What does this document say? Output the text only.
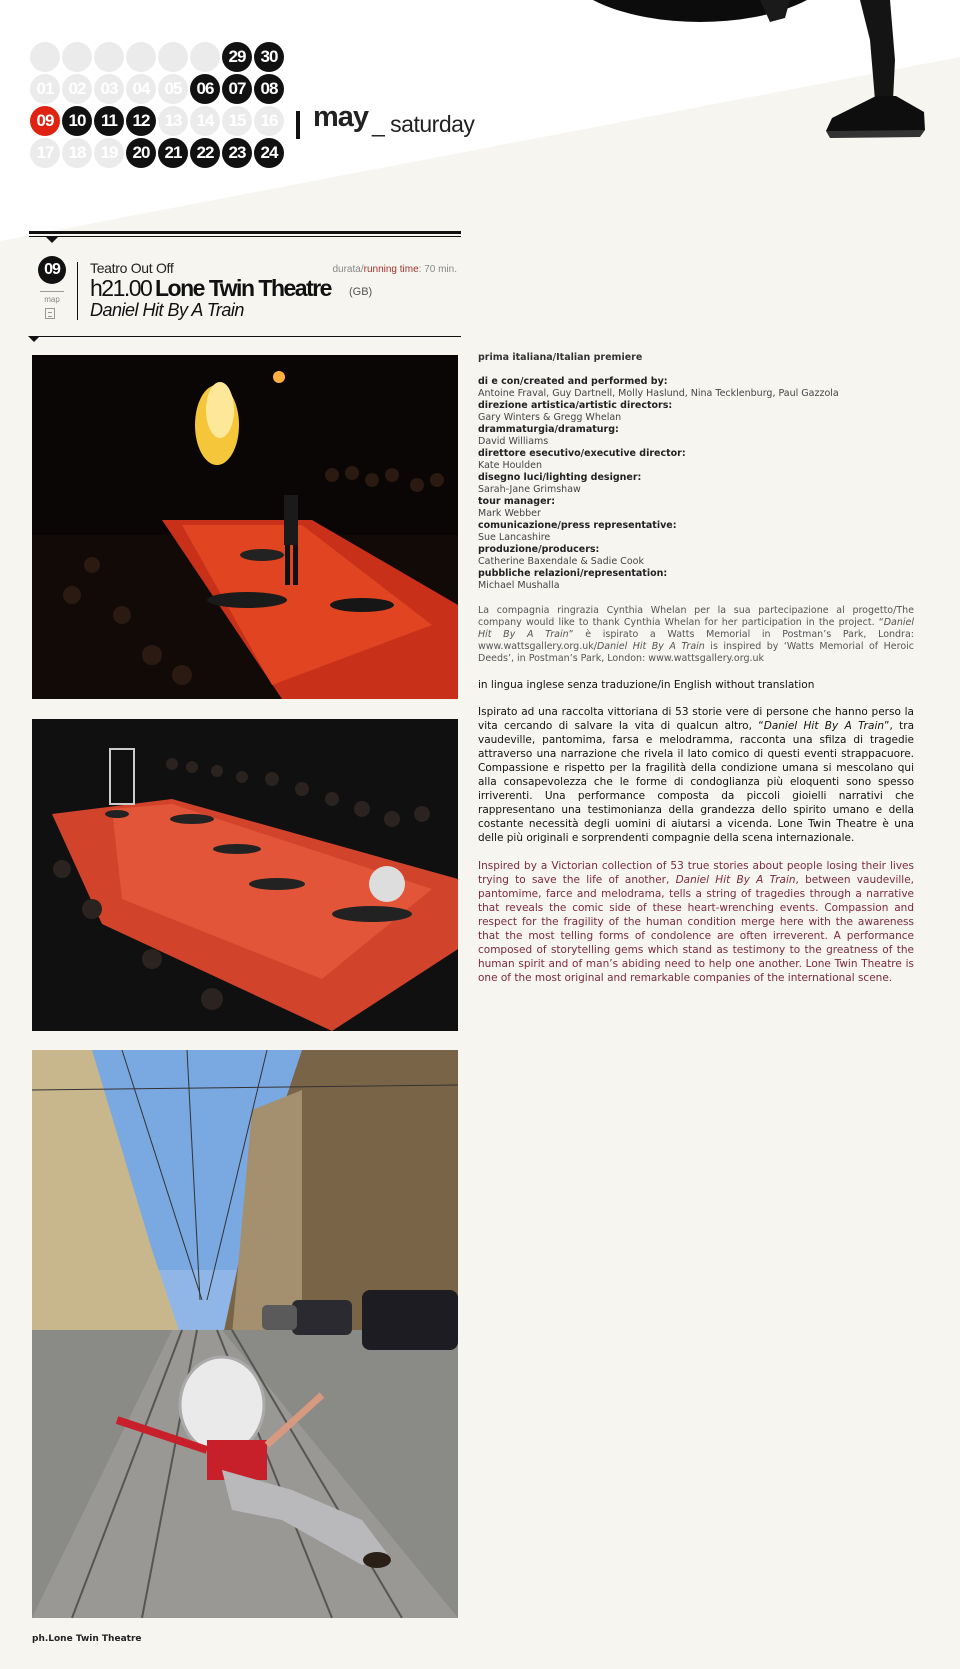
29 30
01 02 03 04 05 06 07 08
09 10 11 12 13 14 15 16
17 18 19 20 21 22 23 24
may _ saturday
09
map
Teatro Out Off	durata/running time: 70 min.
h21.00 Lone Twin Theatre (GB)
Daniel Hit By A Train
ph.Lone Twin Theatre
prima italiana/Italian premiere
di e con/created and performed by:
Antoine Fraval, Guy Dartnell, Molly Haslund, Nina Tecklenburg, Paul Gazzola
direzione artistica/artistic directors:
Gary Winters & Gregg Whelan
drammaturgia/dramaturg:
David Williams
direttore esecutivo/executive director:
Kate Houlden
disegno luci/lighting designer:
Sarah-Jane Grimshaw
tour manager:
Mark Webber
comunicazione/press representative:
Sue Lancashire
produzione/producers:
Catherine Baxendale & Sadie Cook
pubbliche relazioni/representation:
Michael Mushalla
La compagnia ringrazia Cynthia Whelan per la sua partecipazione al progetto/The company would like to thank Cynthia Whelan for her participation in the project. “Daniel Hit By A Train” è ispirato a Watts Memorial in Postman’s Park, Londra: www.wattsgallery.org.uk/Daniel Hit By A Train is inspired by ‘Watts Memorial of Heroic Deeds’, in Postman’s Park, London: www.wattsgallery.org.uk
in lingua inglese senza traduzione/in English without translation
Ispirato ad una raccolta vittoriana di 53 storie vere di persone che hanno perso la vita cercando di salvare la vita di qualcun altro, “Daniel Hit By A Train”, tra vaudeville, pantomima, farsa e melodramma, racconta una sfilza di tragedie attraverso una narrazione che rivela il lato comico di questi eventi strappacuore. Compassione e rispetto per la fragilità della condizione umana si mescolano qui alla consapevolezza che le forme di condoglianza più eloquenti sono spesso irriverenti. Una performance composta da piccoli gioielli narrativi che rappresentano una testimonianza della grandezza dello spirito umano e della costante necessità degli uomini di aiutarsi a vicenda. Lone Twin Theatre è una delle più originali e sorprendenti compagnie della scena internazionale.
Inspired by a Victorian collection of 53 true stories about people losing their lives trying to save the life of another, Daniel Hit By A Train, between vaudeville, pantomime, farce and melodrama, tells a string of tragedies through a narrative that reveals the comic side of these heart-wrenching events. Compassion and respect for the fragility of the human condition merge here with the awareness that the most telling forms of condolence are often irreverent. A performance composed of storytelling gems which stand as testimony to the greatness of the human spirit and of man’s abiding need to help one another. Lone Twin Theatre is one of the most original and remarkable companies of the international scene.
